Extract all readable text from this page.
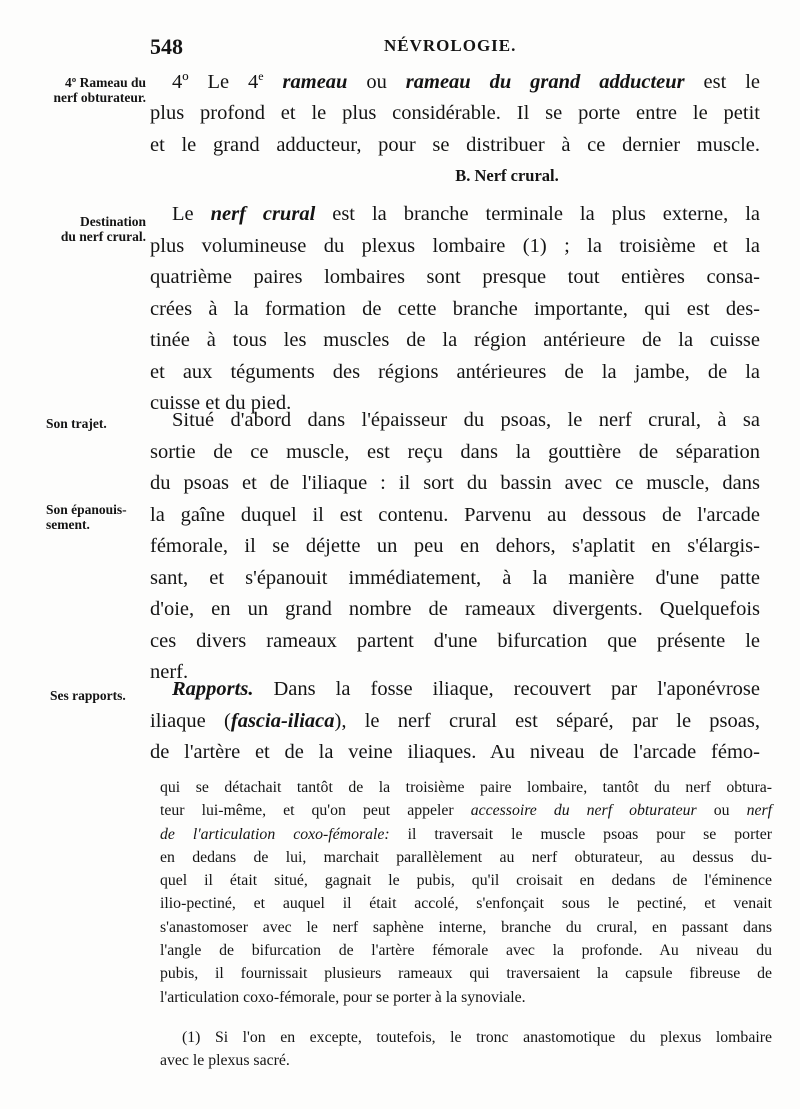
548	NÉVROLOGIE.
4º Rameau du
nerf obturateur.
Destination
du nerf crural.
Son trajet.
Son épanouis-
sement.
Ses rapports.
4º Le 4e rameau ou rameau du grand adducteur est le
plus profond et le plus considérable. Il se porte entre le petit
et le grand adducteur, pour se distribuer à ce dernier muscle.
B. Nerf crural.
Le nerf crural est la branche terminale la plus externe, la
plus volumineuse du plexus lombaire (1) ; la troisième et la
quatrième paires lombaires sont presque tout entières consa-
crées à la formation de cette branche importante, qui est des-
tinée à tous les muscles de la région antérieure de la cuisse
et aux téguments des régions antérieures de la jambe, de la
cuisse et du pied.
Situé d'abord dans l'épaisseur du psoas, le nerf crural, à sa
sortie de ce muscle, est reçu dans la gouttière de séparation
du psoas et de l'iliaque : il sort du bassin avec ce muscle, dans
la gaîne duquel il est contenu. Parvenu au dessous de l'arcade
fémorale, il se déjette un peu en dehors, s'aplatit en s'élargis-
sant, et s'épanouit immédiatement, à la manière d'une patte
d'oie, en un grand nombre de rameaux divergents. Quelquefois
ces divers rameaux partent d'une bifurcation que présente le
nerf.
Rapports. Dans la fosse iliaque, recouvert par l'aponévrose
iliaque (fascia-iliaca), le nerf crural est séparé, par le psoas,
de l'artère et de la veine iliaques. Au niveau de l'arcade fémo-
qui se détachait tantôt de la troisième paire lombaire, tantôt du nerf obtura-
teur lui-même, et qu'on peut appeler accessoire du nerf obturateur ou nerf
de l'articulation coxo-fémorale: il traversait le muscle psoas pour se porter
en dedans de lui, marchait parallèlement au nerf obturateur, au dessus du-
quel il était situé, gagnait le pubis, qu'il croisait en dedans de l'éminence
ilio-pectiné, et auquel il était accolé, s'enfonçait sous le pectiné, et venait
s'anastomoser avec le nerf saphène interne, branche du crural, en passant dans
l'angle de bifurcation de l'artère fémorale avec la profonde. Au niveau du
pubis, il fournissait plusieurs rameaux qui traversaient la capsule fibreuse de
l'articulation coxo-fémorale, pour se porter à la synoviale.
(1) Si l'on en excepte, toutefois, le tronc anastomotique du plexus lombaire
avec le plexus sacré.
